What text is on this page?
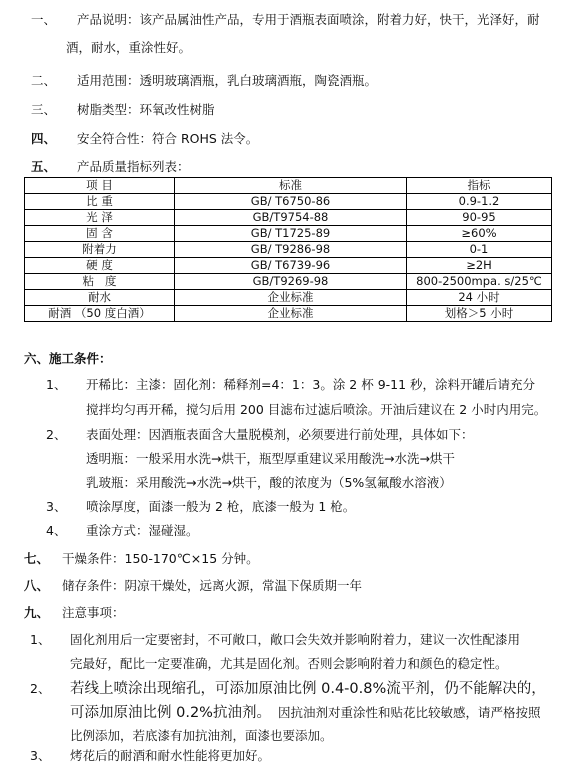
一、 产品说明：该产品属油性产品，专用于酒瓶表面喷涂，附着力好，快干，光泽好，耐
酒，耐水，重涂性好。
二、 适用范围：透明玻璃酒瓶，乳白玻璃酒瓶，陶瓷酒瓶。
三、 树脂类型：环氧改性树脂
四、 安全符合性：符合 ROHS 法令。
五、 产品质量指标列表：
项 目	标准	指标
比 重	GB/ T6750-86	0.9-1.2
光 泽	GB/T9754-88	90-95
固 含	GB/ T1725-89	≥60%
附着力	GB/ T9286-98	0-1
硬 度	GB/ T6739-96	≥2H
粘   度	GB/T9269-98	800-2500mpa. s/25℃
耐水	企业标准	24 小时
耐酒 （50 度白酒）	企业标准	划格＞5 小时
六、施工条件：
1、 开稀比：主漆：固化剂：稀释剂=4：1：3。涂 2 杯 9-11 秒，涂料开罐后请充分
搅拌均匀再开稀，搅匀后用 200 目滤布过滤后喷涂。开油后建议在 2 小时内用完。
2、 表面处理：因酒瓶表面含大量脱模剂，必须要进行前处理，具体如下：
透明瓶：一般采用水洗→烘干，瓶型厚重建议采用酸洗→水洗→烘干
乳玻瓶：采用酸洗→水洗→烘干，酸的浓度为（5%氢氟酸水溶液）
3、 喷涂厚度，面漆一般为 2 枪，底漆一般为 1 枪。
4、 重涂方式：湿碰湿。
七、 干燥条件：150-170℃×15 分钟。
八、 储存条件：阴凉干燥处，远离火源，常温下保质期一年
九、 注意事项：
1、 固化剂用后一定要密封，不可敞口，敞口会失效并影响附着力，建议一次性配漆用
完最好，配比一定要准确，尤其是固化剂。否则会影响附着力和颜色的稳定性。
2、 若线上喷涂出现缩孔，可添加原油比例 0.4-0.8%流平剂，仍不能解决的，
可添加原油比例 0.2%抗油剂。 因抗油剂对重涂性和贴花比较敏感，请严格按照
比例添加，若底漆有加抗油剂，面漆也要添加。
3、 烤花后的耐酒和耐水性能将更加好。
